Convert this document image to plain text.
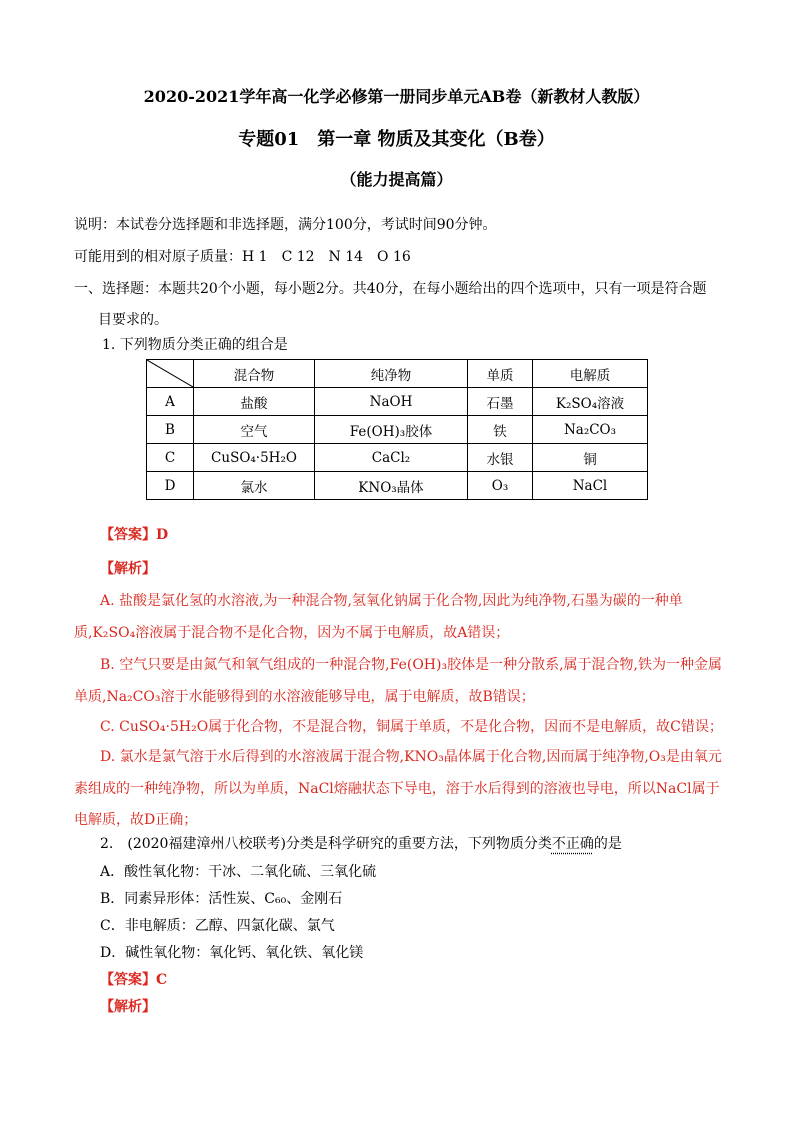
2020-2021学年高一化学必修第一册同步单元AB卷（新教材人教版）
专题01　第一章 物质及其变化（B卷）
（能力提高篇）
说明：本试卷分选择题和非选择题，满分100分，考试时间90分钟。
可能用到的相对原子质量：H 1　C 12　N 14　O 16
一、选择题：本题共20个小题，每小题2分。共40分，在每小题给出的四个选项中，只有一项是符合题
目要求的。
1. 下列物质分类正确的组合是
	混合物	纯净物	单质	电解质
A	盐酸	NaOH	石墨	K₂SO₄溶液
B	空气	Fe(OH)₃胶体	铁	Na₂CO₃
C	CuSO₄·5H₂O	CaCl₂	水银	铜
D	氯水	KNO₃晶体	O₃	NaCl
【答案】D
【解析】
A. 盐酸是氯化氢的水溶液,为一种混合物,氢氧化钠属于化合物,因此为纯净物,石墨为碳的一种单
质,K₂SO₄溶液属于混合物不是化合物，因为不属于电解质，故A错误；
B. 空气只要是由氮气和氧气组成的一种混合物,Fe(OH)₃胶体是一种分散系,属于混合物,铁为一种金属
单质,Na₂CO₃溶于水能够得到的水溶液能够导电，属于电解质，故B错误；
C. CuSO₄·5H₂O属于化合物，不是混合物，铜属于单质，不是化合物，因而不是电解质，故C错误；
D. 氯水是氯气溶于水后得到的水溶液属于混合物,KNO₃晶体属于化合物,因而属于纯净物,O₃是由氧元
素组成的一种纯净物，所以为单质，NaCl熔融状态下导电，溶于水后得到的溶液也导电，所以NaCl属于
电解质，故D正确；
2.　(2020福建漳州八校联考)分类是科学研究的重要方法，下列物质分类不正确的是
A．酸性氧化物：干冰、二氧化硫、三氧化硫
B．同素异形体：活性炭、C₆₀、金刚石
C．非电解质：乙醇、四氯化碳、氯气
D．碱性氧化物：氧化钙、氧化铁、氧化镁
【答案】C
【解析】
